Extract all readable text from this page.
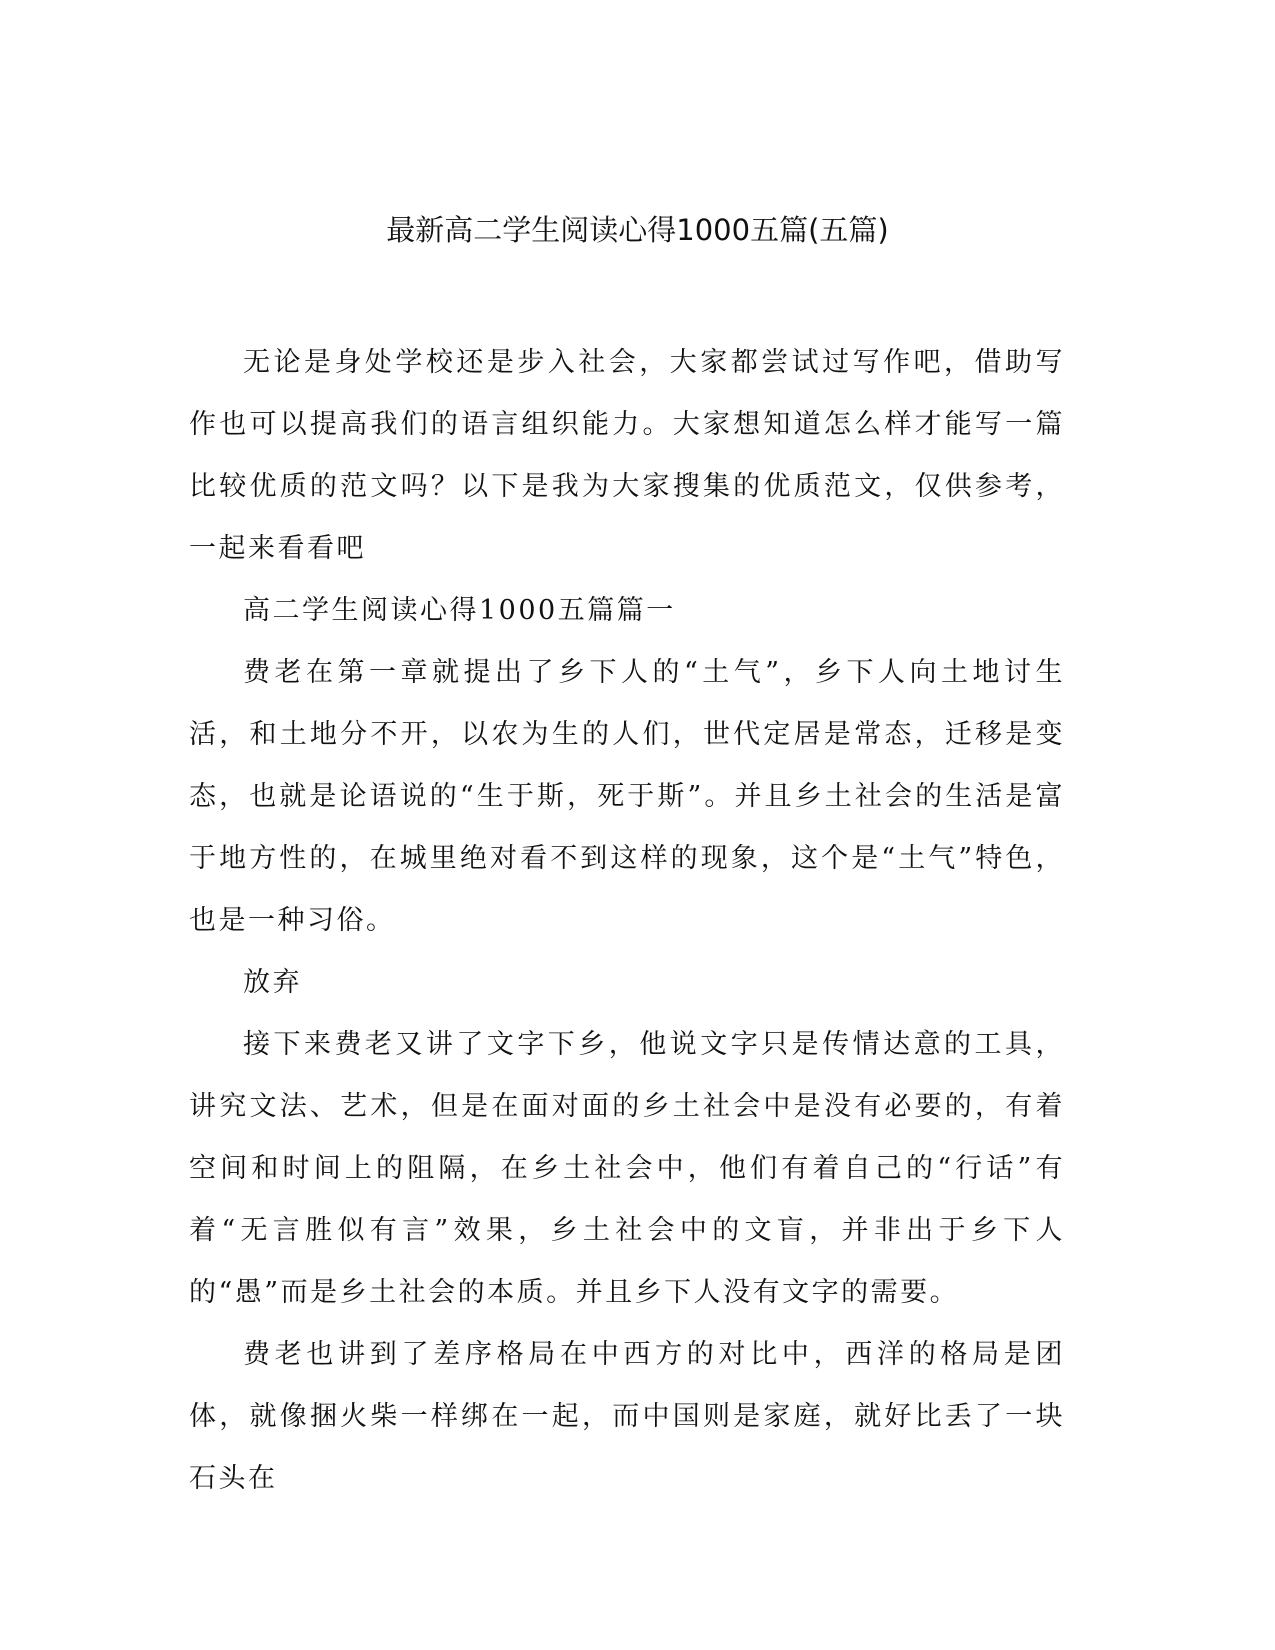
最新高二学生阅读心得1000五篇(五篇)

无论是身处学校还是步入社会，大家都尝试过写作吧，借助写作也可以提高我们的语言组织能力。大家想知道怎么样才能写一篇比较优质的范文吗？以下是我为大家搜集的优质范文，仅供参考，一起来看看吧

高二学生阅读心得1000五篇篇一

费老在第一章就提出了乡下人的“土气”，乡下人向土地讨生活，和土地分不开，以农为生的人们，世代定居是常态，迁移是变态，也就是论语说的“生于斯，死于斯”。并且乡土社会的生活是富于地方性的，在城里绝对看不到这样的现象，这个是“土气”特色，也是一种习俗。

放弃

接下来费老又讲了文字下乡，他说文字只是传情达意的工具，讲究文法、艺术，但是在面对面的乡土社会中是没有必要的，有着空间和时间上的阻隔，在乡土社会中，他们有着自己的“行话”有着“无言胜似有言”效果，乡土社会中的文盲，并非出于乡下人的“愚”而是乡土社会的本质。并且乡下人没有文字的需要。

费老也讲到了差序格局在中西方的对比中，西洋的格局是团体，就像捆火柴一样绑在一起，而中国则是家庭，就好比丢了一块石头在
